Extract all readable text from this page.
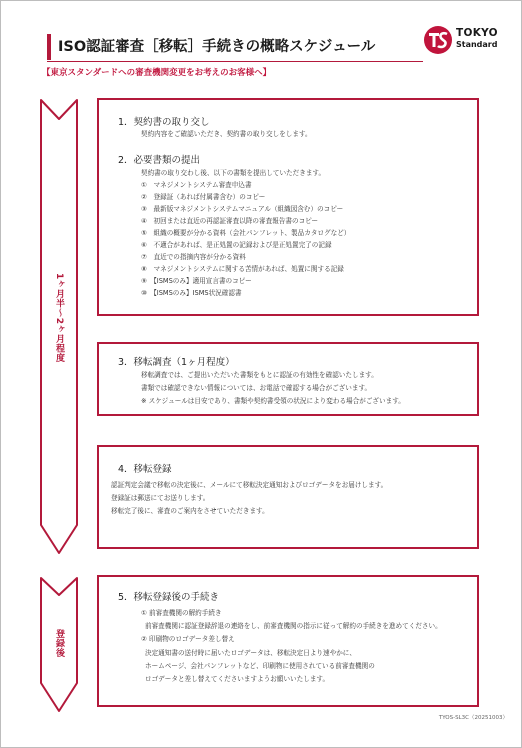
ISO認証審査［移転］手続きの概略スケジュール
TOKYO
Standard
【東京スタンダードへの審査機関変更をお考えのお客様へ】
1ヶ月半〜2ヶ月程度
登録後
1．契約書の取り交し
契約内容をご確認いただき、契約書の取り交しをします。
2．必要書類の提出
契約書の取り交わし後、以下の書類を提出していただきます。
①　マネジメントシステム審査申込書
②　登録証（あれば付属書含む）のコピー
③　最新版マネジメントシステムマニュアル（組織図含む）のコピー
④　初回または直近の再認証審査以降の審査報告書のコピー
⑤　組織の概要が分かる資料（会社パンフレット、製品カタログなど）
⑥　不適合があれば、是正処置の記録および是正処置完了の記録
⑦　直近での指摘内容が分かる資料
⑧　マネジメントシステムに関する苦情があれば、処置に関する記録
⑨　【ISMSのみ】適用宣言書のコピー
⑩　【ISMSのみ】ISMS状況確認書
3．移転調査（1ヶ月程度）
移転調査では、ご提出いただいた書類をもとに認証の有効性を確認いたします。
書類では確認できない情報については、お電話で確認する場合がございます。
※ スケジュールは目安であり、書類や契約書受領の状況により変わる場合がございます。
4．移転登録
認証判定会議で移転の決定後に、メールにて移転決定通知およびロゴデータをお届けします。
登録証は郵送にてお送りします。
移転完了後に、審査のご案内をさせていただきます。
5．移転登録後の手続き
① 前審査機関の解約手続き
前審査機関に認証登録辞退の連絡をし、前審査機関の指示に従って解約の手続きを進めてください。
② 印刷物のロゴデータ差し替え
決定通知書の送付時に届いたロゴデータは、移転決定日より速やかに、
ホームページ、会社パンフレットなど、印刷物に使用されている前審査機関の
ロゴデータと差し替えてくださいますようお願いいたします。
TYOS-SL3C（20251003）
